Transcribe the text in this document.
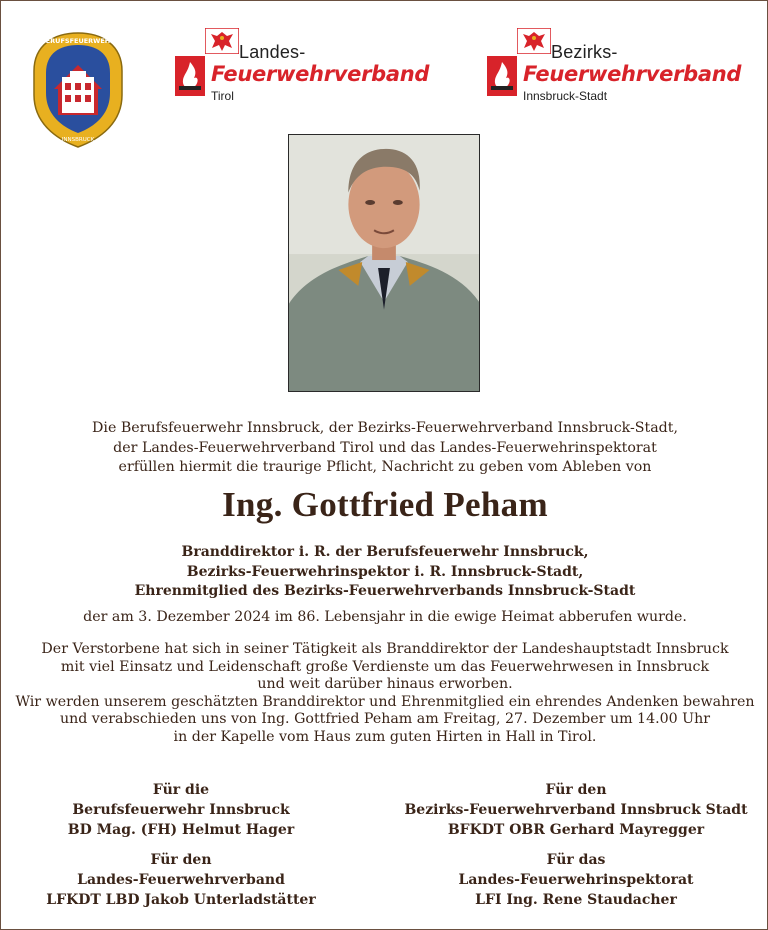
BERUFSFEUERWEHR
INNSBRUCK
Landes-
Feuerwehrverband
Tirol
Bezirks-
Feuerwehrverband
Innsbruck-Stadt
Die Berufsfeuerwehr Innsbruck, der Bezirks-Feuerwehrverband Innsbruck-Stadt,
der Landes-Feuerwehrverband Tirol und das Landes-Feuerwehrinspektorat
erfüllen hiermit die traurige Pflicht, Nachricht zu geben vom Ableben von
Ing. Gottfried Peham
Branddirektor i. R. der Berufsfeuerwehr Innsbruck,
Bezirks-Feuerwehrinspektor i. R. Innsbruck-Stadt,
Ehrenmitglied des Bezirks-Feuerwehrverbands Innsbruck-Stadt
der am 3. Dezember 2024 im 86. Lebensjahr in die ewige Heimat abberufen wurde.
Der Verstorbene hat sich in seiner Tätigkeit als Branddirektor der Landeshauptstadt Innsbruck
mit viel Einsatz und Leidenschaft große Verdienste um das Feuerwehrwesen in Innsbruck
und weit darüber hinaus erworben.
Wir werden unserem geschätzten Branddirektor und Ehrenmitglied ein ehrendes Andenken bewahren
und verabschieden uns von Ing. Gottfried Peham am Freitag, 27. Dezember um 14.00 Uhr
in der Kapelle vom Haus zum guten Hirten in Hall in Tirol.
Für die
Berufsfeuerwehr Innsbruck
BD Mag. (FH) Helmut Hager
Für den
Bezirks-Feuerwehrverband Innsbruck Stadt
BFKDT OBR Gerhard Mayregger
Für den
Landes-Feuerwehrverband
LFKDT LBD Jakob Unterladstätter
Für das
Landes-Feuerwehrinspektorat
LFI Ing. Rene Staudacher
